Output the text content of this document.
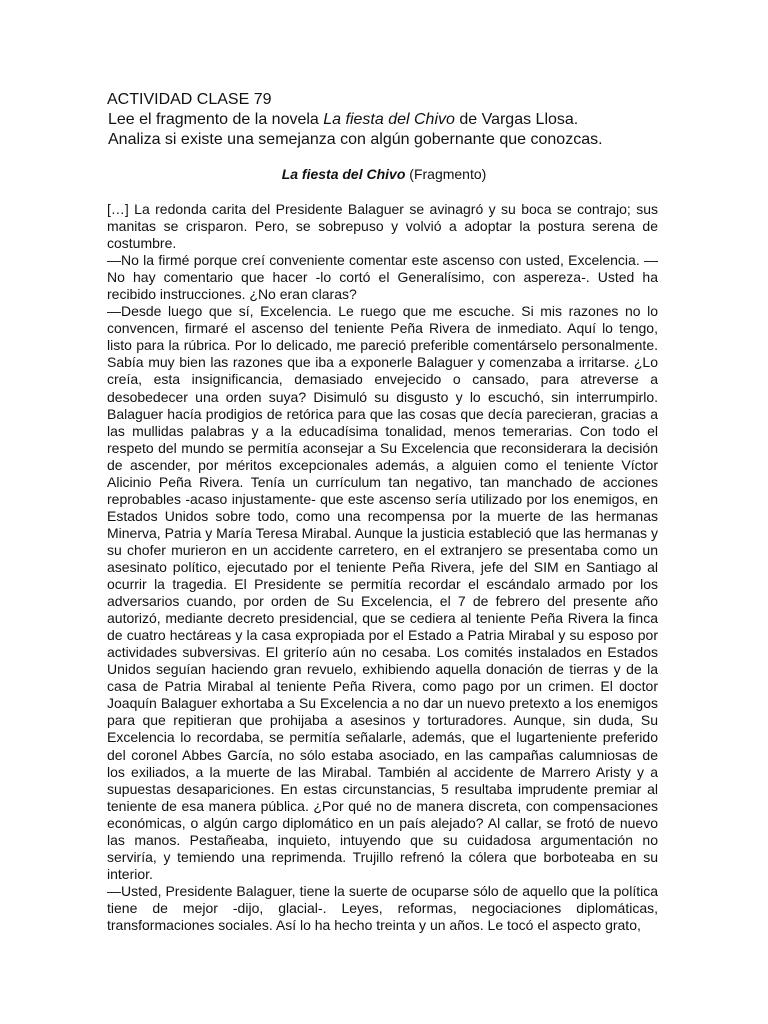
ACTIVIDAD CLASE 79
Lee el fragmento de la novela La fiesta del Chivo de Vargas Llosa.
Analiza si existe una semejanza con algún gobernante que conozcas.
La fiesta del Chivo (Fragmento)

[…] La redonda carita del Presidente Balaguer se avinagró y su boca se contrajo; sus manitas se crisparon. Pero, se sobrepuso y volvió a adoptar la postura serena de costumbre.

—No la firmé porque creí conveniente comentar este ascenso con usted, Excelencia. — No hay comentario que hacer -lo cortó el Generalísimo, con aspereza-. Usted ha recibido instrucciones. ¿No eran claras?

—Desde luego que sí, Excelencia. Le ruego que me escuche. Si mis razones no lo convencen, firmaré el ascenso del teniente Peña Rivera de inmediato. Aquí lo tengo, listo para la rúbrica. Por lo delicado, me pareció preferible comentárselo personalmente. Sabía muy bien las razones que iba a exponerle Balaguer y comenzaba a irritarse. ¿Lo creía, esta insignificancia, demasiado envejecido o cansado, para atreverse a desobedecer una orden suya? Disimuló su disgusto y lo escuchó, sin interrumpirlo. Balaguer hacía prodigios de retórica para que las cosas que decía parecieran, gracias a las mullidas palabras y a la educadísima tonalidad, menos temerarias. Con todo el respeto del mundo se permitía aconsejar a Su Excelencia que reconsiderara la decisión de ascender, por méritos excepcionales además, a alguien como el teniente Víctor Alicinio Peña Rivera. Tenía un currículum tan negativo, tan manchado de acciones reprobables -acaso injustamente- que este ascenso sería utilizado por los enemigos, en Estados Unidos sobre todo, como una recompensa por la muerte de las hermanas Minerva, Patria y María Teresa Mirabal. Aunque la justicia estableció que las hermanas y su chofer murieron en un accidente carretero, en el extranjero se presentaba como un asesinato político, ejecutado por el teniente Peña Rivera, jefe del SIM en Santiago al ocurrir la tragedia. El Presidente se permitía recordar el escándalo armado por los adversarios cuando, por orden de Su Excelencia, el 7 de febrero del presente año autorizó, mediante decreto presidencial, que se cediera al teniente Peña Rivera la finca de cuatro hectáreas y la casa expropiada por el Estado a Patria Mirabal y su esposo por actividades subversivas. El griterío aún no cesaba. Los comités instalados en Estados Unidos seguían haciendo gran revuelo, exhibiendo aquella donación de tierras y de la casa de Patria Mirabal al teniente Peña Rivera, como pago por un crimen. El doctor Joaquín Balaguer exhortaba a Su Excelencia a no dar un nuevo pretexto a los enemigos para que repitieran que prohijaba a asesinos y torturadores. Aunque, sin duda, Su Excelencia lo recordaba, se permitía señalarle, además, que el lugarteniente preferido del coronel Abbes García, no sólo estaba asociado, en las campañas calumniosas de los exiliados, a la muerte de las Mirabal. También al accidente de Marrero Aristy y a supuestas desapariciones. En estas circunstancias, 5 resultaba imprudente premiar al teniente de esa manera pública. ¿Por qué no de manera discreta, con compensaciones económicas, o algún cargo diplomático en un país alejado? Al callar, se frotó de nuevo las manos. Pestañeaba, inquieto, intuyendo que su cuidadosa argumentación no serviría, y temiendo una reprimenda. Trujillo refrenó la cólera que borboteaba en su interior.

—Usted, Presidente Balaguer, tiene la suerte de ocuparse sólo de aquello que la política tiene de mejor -dijo, glacial-. Leyes, reformas, negociaciones diplomáticas, transformaciones sociales. Así lo ha hecho treinta y un años. Le tocó el aspecto grato,
